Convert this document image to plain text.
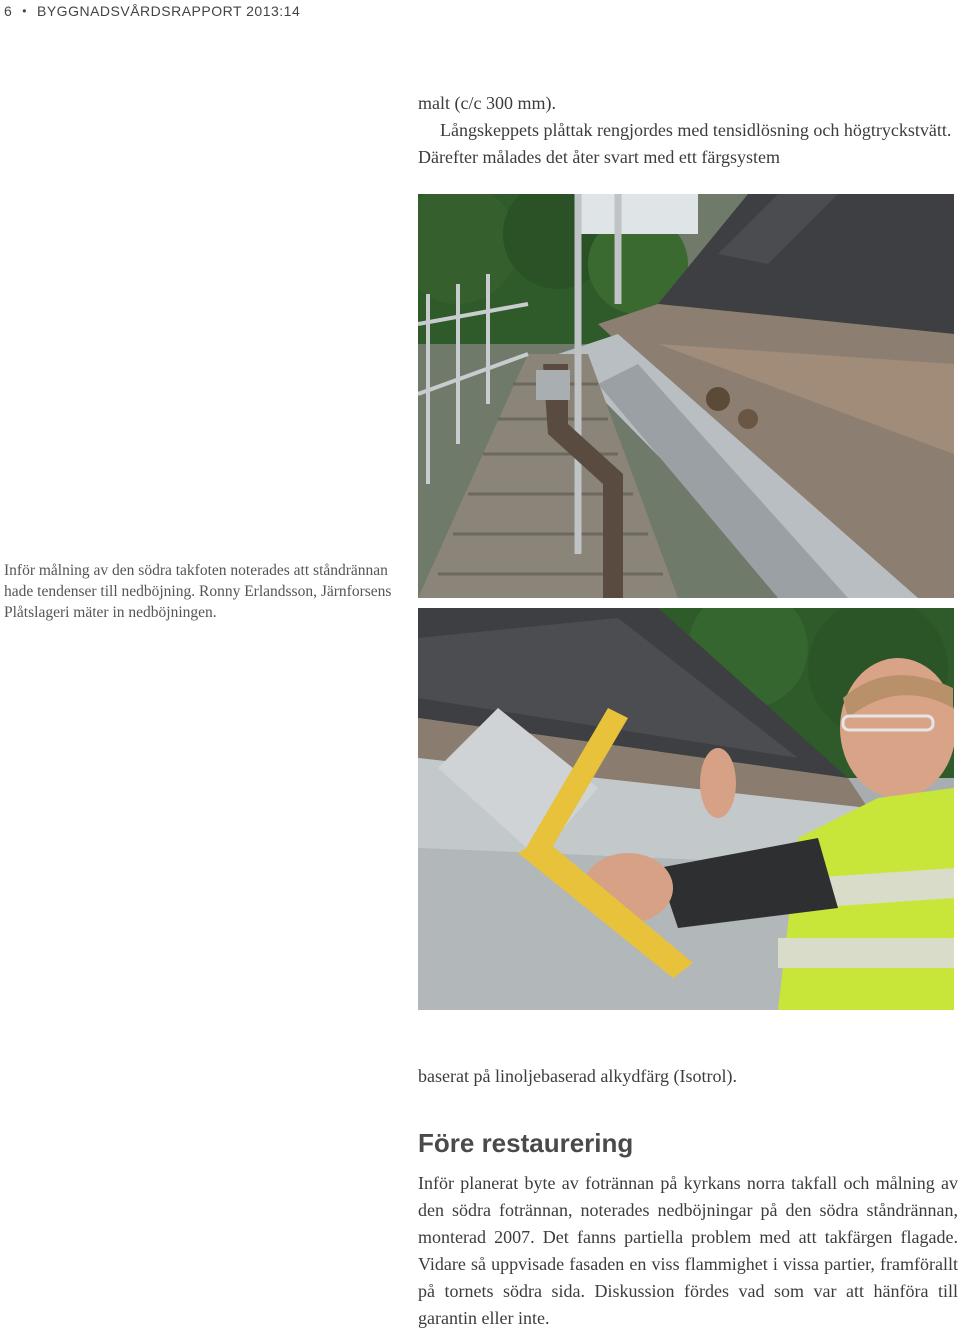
6 • BYGGNADSVÅRDSRAPPORT 2013:14

malt (c/c 300 mm).

Långskeppets plåttak rengjordes med tensidlösning och högtryckstvätt. Därefter målades det åter svart med ett färgsystem

Inför målning av den södra takfoten noterades att ståndrännan hade tendenser till nedböjning. Ronny Erlandsson, Järnforsens Plåtslageri mäter in nedböjningen.

baserat på linoljebaserad alkydfärg (Isotrol).

Före restaurering

Inför planerat byte av fotrännan på kyrkans norra takfall och målning av den södra fotrännan, noterades nedböjningar på den södra ståndrännan, monterad 2007. Det fanns partiella problem med att takfärgen flagade. Vidare så uppvisade fasaden en viss flammighet i vissa partier, framförallt på tornets södra sida. Diskussion fördes vad som var att hänföra till garantin eller inte.
